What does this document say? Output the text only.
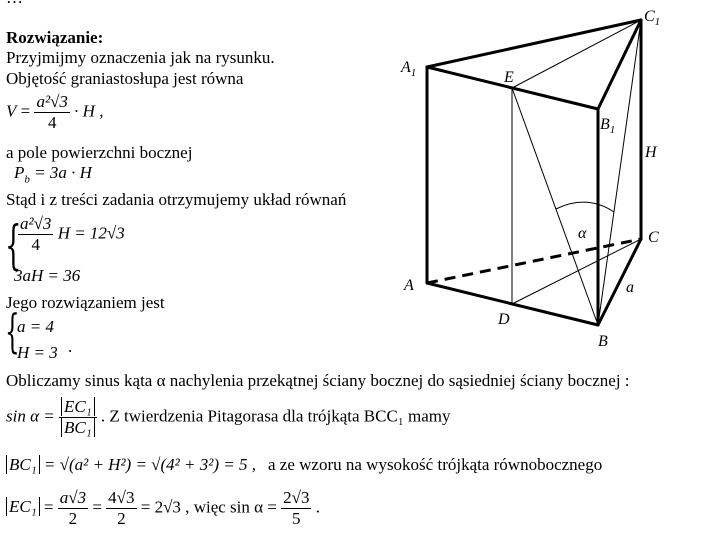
Rozwiązanie:
Przyjmijmy oznaczenia jak na rysunku.
Objętość graniastosłupa jest równa
$V = \frac{\text{a²√3}}{4} \cdot H$ ,
a pole powierzchni bocznej
$P_b = 3a \cdot H$
Stąd i z treści zadania otrzymujemy układ równań
{
$\frac{\text{a²√3}}{4}$ H = 12√3
3aH = 36
Jego rozwiązaniem jest
{
a = 4
H = 3 .
Obliczamy sinus kąta α nachylenia przekątnej ściany bocznej do sąsiedniej ściany bocznej :
$\sin \alpha = \frac{\text{EC₁}}{\text{BC₁}}$ . Z twierdzenia Pitagorasa dla trójkąta BCC₁ mamy
BC₁ = √(a² + H²) = √(4² + 3²) = 5 , a ze wzoru na wysokość trójkąta równobocznego
$EC_1 = \frac{a√3}{2} = \frac{4√3}{2} = 2√3$ , więc $\sin \alpha = \frac{2√3}{5}$ .
$A_1$	E
$C_1$
$B_1$
H
α	C
A	a
D
B
